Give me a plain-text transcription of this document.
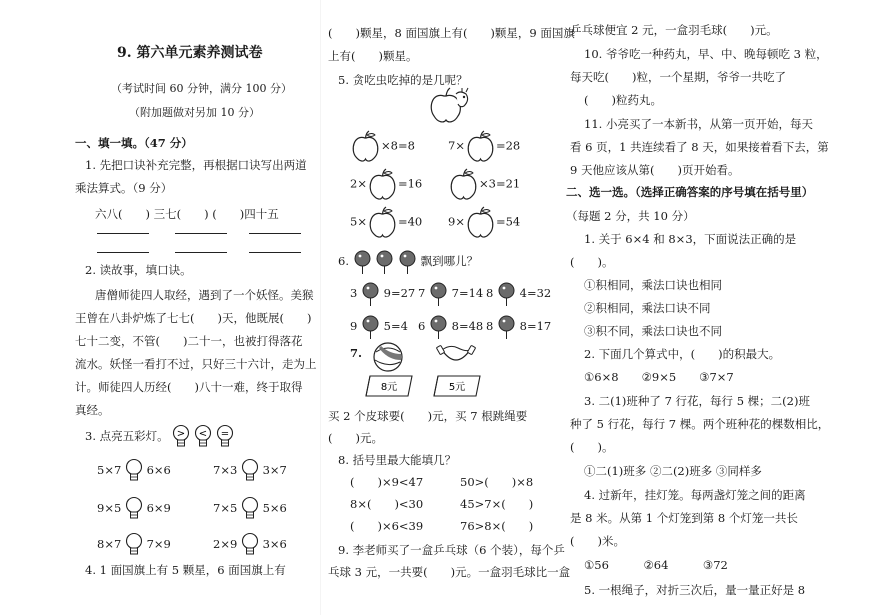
9. 第六单元素养测试卷
（考试时间 60 分钟，满分 100 分）
（附加题做对另加 10 分）
一、填一填。（47 分）
1. 先把口诀补充完整，再根据口诀写出两道
乘法算式。（9 分）
六八(　　) 三七(　　) (　　)四十五
2. 读故事，填口诀。
唐僧师徒四人取经，遇到了一个妖怪。美猴
王曾在八卦炉炼了七七(　　)天，他既展(　　)
七十二变，不管(　　)二十一，也被打得落花
流水。妖怪一看打不过，只好三十六计，走为上
计。师徒四人历经(　　)八十一难，终于取得
真经。
3. 点亮五彩灯。 >
<
=
5×7 6×6	7×3 3×7
9×5 6×9	7×5 5×6
8×7 7×9	2×9 3×6
4. 1 面国旗上有 5 颗星，6 面国旗上有
(　　)颗星，8 面国旗上有(　　)颗星，9 面国旗
上有(　　)颗星。
5. 贪吃虫吃掉的是几呢？
×8=8	7×	=28
2×	=16	×3=21
5×	=40 9×	=54
6.	飘到哪儿？
3 9=27 7 7=14 8 4=32
9 5=4 6 8=48 8 8=17
7.
8元	5元
买 2 个皮球要(　　)元，买 7 根跳绳要
(　　)元。
8. 括号里最大能填几？
(　　)×9<47	50>(　　)×8
8×(　　)<30	45>7×(　　)
(　　)×6<39	76>8×(　　)
9. 李老师买了一盒乒乓球（6 个装），每个乒
乓球 3 元，一共要(　　)元。一盒羽毛球比一盒
乒乓球便宜 2 元，一盒羽毛球(　　)元。
10. 爷爷吃一种药丸，早、中、晚每顿吃 3 粒，
每天吃(　　)粒，一个星期，爷爷一共吃了
(　　)粒药丸。
11. 小亮买了一本新书，从第一页开始，每天
看 6 页，1 共连续看了 8 天，如果接着看下去，第
9 天他应该从第(　　)页开始看。
二、选一选。（选择正确答案的序号填在括号里）
（每题 2 分，共 10 分）
1. 关于 6×4 和 8×3，下面说法正确的是
(　　)。
①积相同，乘法口诀也相同
②积相同，乘法口诀不同
③积不同，乘法口诀也不同
2. 下面几个算式中，(　　)的积最大。
①6×8　　②9×5　　③7×7
3. 二(1)班种了 7 行花，每行 5 棵；二(2)班
种了 5 行花，每行 7 棵。两个班种花的棵数相比，
(　　)。
①二(1)班多 ②二(2)班多 ③同样多
4. 过新年，挂灯笼。每两盏灯笼之间的距离
是 8 米。从第 1 个灯笼到第 8 个灯笼一共长
(　　)米。
①56　　　②64　　　③72
5. 一根绳子，对折三次后，量一量正好是 8
